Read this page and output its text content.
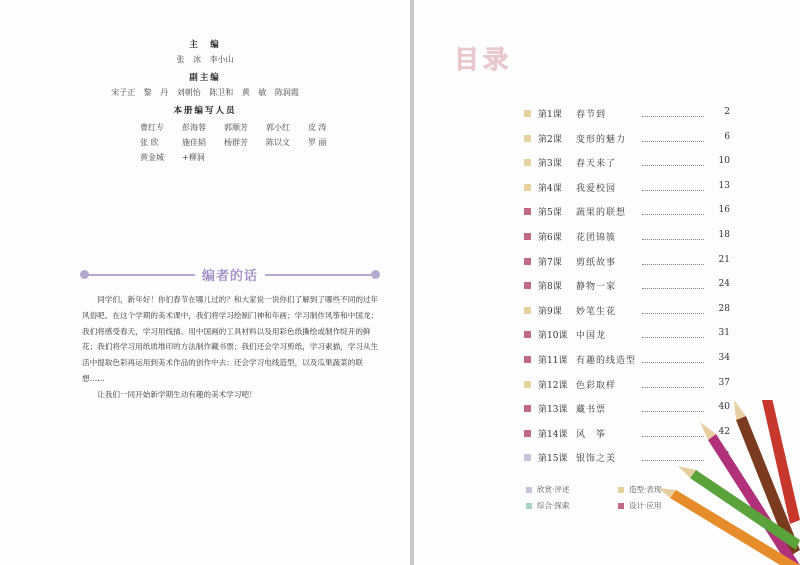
主　编
张 冰 李小山
副主编
宋子正 黎 丹 刘朝怡 陈卫和 黄 敏 陈润霞
本册编写人员
曹红专 彭海蓉 郭顺芳 郭小红 皮 涛
张 欣	施佳韬 杨群芳 陈以文 罗 丽
黄金城 +柳洞
编者的话

同学们，新年好！你们春节在哪儿过的？和大家说一说你们了解到了哪些不同的过年风俗吧。在这个学期的美术课中，我们将学习绘制门神和年画；学习制作风筝和中国龙；我们将感受春天，学习用线描、用中国画的工具材料以及用彩色纸撕绘或制作绽开的鲜花；我们将学习用纸质堆印的方法制作藏书票；我们还会学习剪纸，学习素描，学习从生活中提取色彩再运用到美术作品的创作中去；还会学习电线造型，以及瓜果蔬菜的联想……

让我们一同开始新学期生动有趣的美术学习吧！

目录
第1课 春节到	2
第2课 变形的魅力	6
第3课 春天来了	10
第4课 我爱校园	13
第5课 蔬果的联想	16
第6课 花团锦簇	18
第7课 剪纸故事	21
第8课 静物一家	24
第9课 妙笔生花	28
第10课 中国龙	31
第11课 有趣的线造型	34
第12课 色彩取样	37
第13课 藏书票	40
第14课 风　筝	42
第15课 银饰之美
欣赏·评述	造型·表现
综合·探索	设计·应用
